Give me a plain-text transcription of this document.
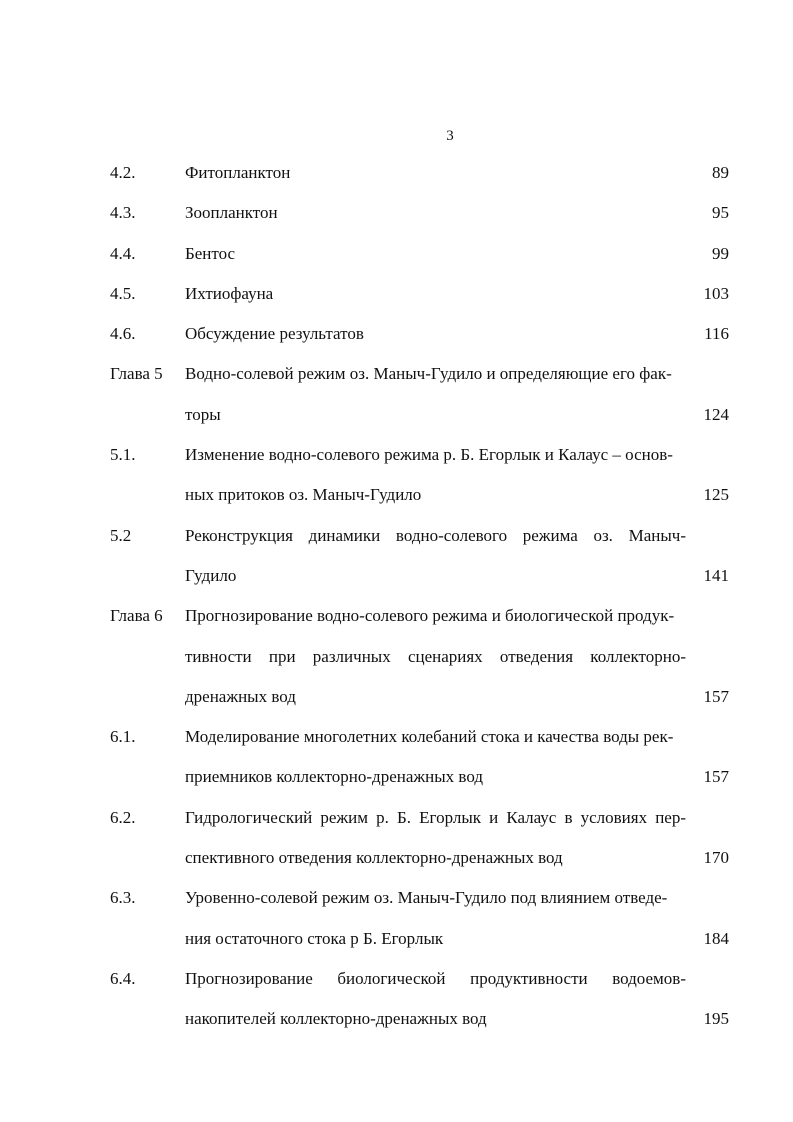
3
4.2.	Фитопланктон	89
4.3.	Зоопланктон	95
4.4.	Бентос	99
4.5.	Ихтиофауна	103
4.6.	Обсуждение результатов	116
Глава 5 Водно-солевой режим оз. Маныч-Гудило и определяющие его фак-
торы	124
5.1.	Изменение водно-солевого режима р. Б. Егорлык и Калаус – основ-
ных притоков оз. Маныч-Гудило	125
5.2	Реконструкция динамики водно-солевого режима оз. Маныч-
Гудило	141
Глава 6 Прогнозирование водно-солевого режима и биологической продук-
тивности при различных сценариях отведения коллекторно-
дренажных вод	157
6.1.	Моделирование многолетних колебаний стока и качества воды рек-
приемников коллекторно-дренажных вод	157
6.2.	Гидрологический режим р. Б. Егорлык и Калаус в условиях пер-
спективного отведения коллекторно-дренажных вод	170
6.3.	Уровенно-солевой режим оз. Маныч-Гудило под влиянием отведе-
ния остаточного стока р Б. Егорлык	184
6.4.	Прогнозирование биологической продуктивности водоемов-
накопителей коллекторно-дренажных вод	195
